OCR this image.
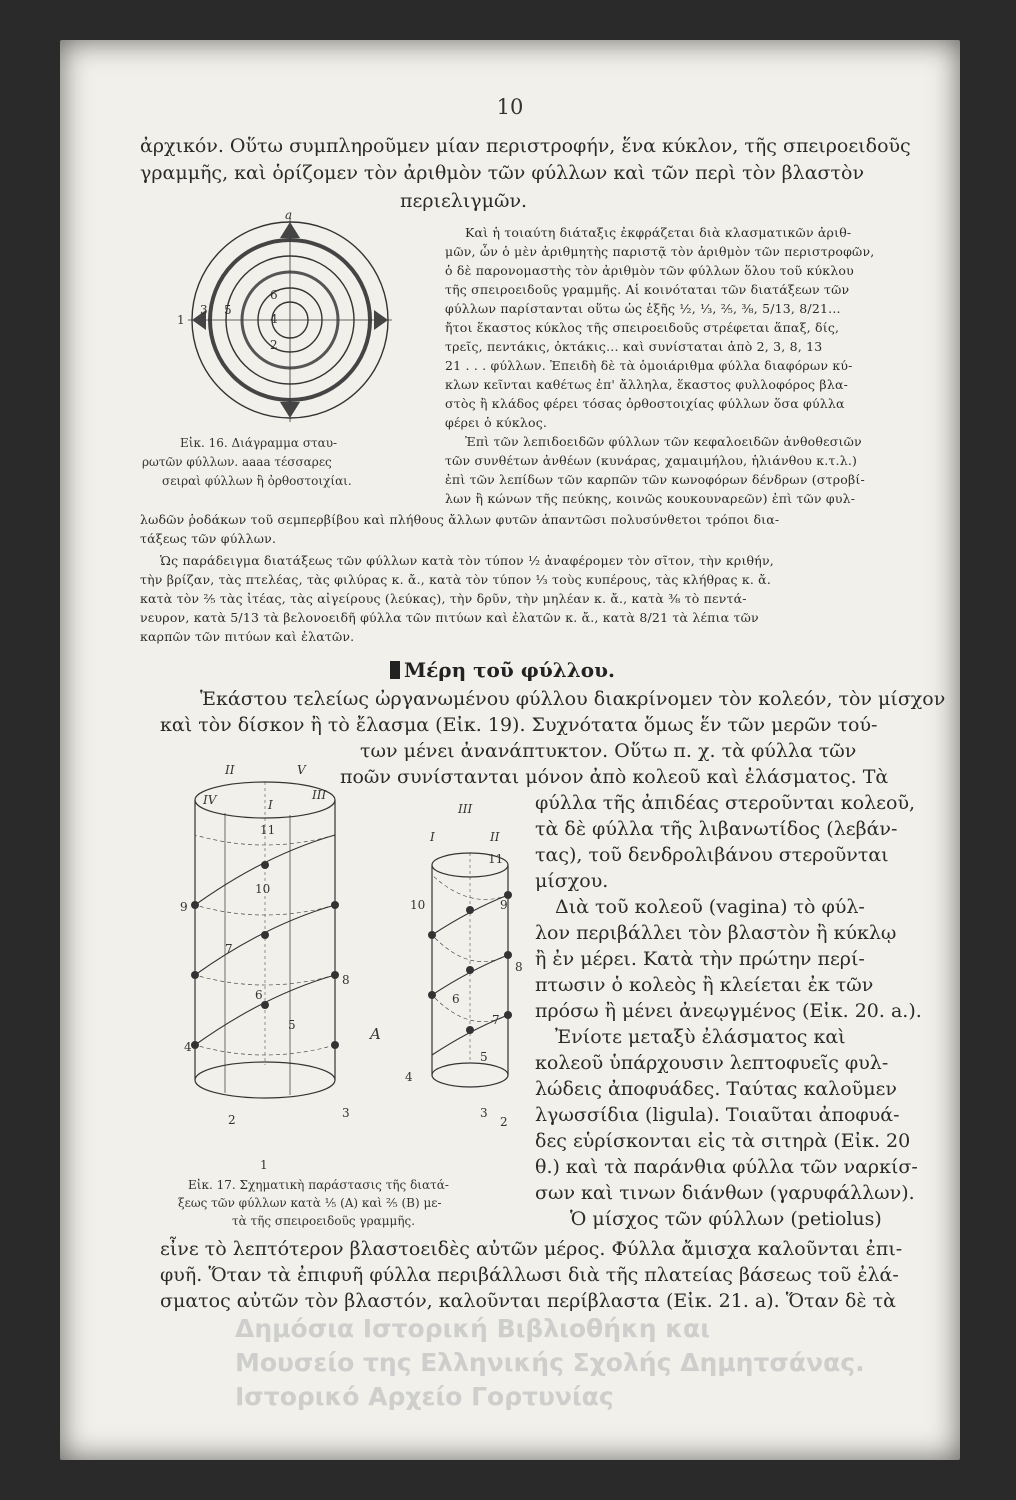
10
ἀρχικόν. Οὕτω συμπληροῦμεν μίαν περιστροφήν, ἕνα κύκλον, τῆς σπειροειδοῦς
γραμμῆς, καὶ ὁρίζομεν τὸν ἀριθμὸν τῶν φύλλων καὶ τῶν περὶ τὸν βλαστὸν
περιελιγμῶν.
a
1
3 5
6
4
2
Καὶ ἡ τοιαύτη διάταξις ἐκφράζεται διὰ κλασματικῶν ἀριθ-
μῶν, ὧν ὁ μὲν ἀριθμητὴς παριστᾷ τὸν ἀριθμὸν τῶν περιστροφῶν,
ὁ δὲ παρονομαστὴς τὸν ἀριθμὸν τῶν φύλλων ὅλου τοῦ κύκλου
τῆς σπειροειδοῦς γραμμῆς. Αἱ κοινόταται τῶν διατάξεων τῶν
φύλλων παρίστανται οὕτω ὡς ἑξῆς ½, ⅓, ⅖, ⅜, 5/13, 8/21...
ἤτοι ἕκαστος κύκλος τῆς σπειροειδοῦς στρέφεται ἅπαξ, δίς,
τρεῖς, πεντάκις, ὀκτάκις... καὶ συνίσταται ἀπὸ 2, 3, 8, 13
21 . . . φύλλων. Ἐπειδὴ δὲ τὰ ὁμοιάριθμα φύλλα διαφόρων κύ-
κλων κεῖνται καθέτως ἐπ' ἄλληλα, ἕκαστος φυλλοφόρος βλα-
στὸς ἢ κλάδος φέρει τόσας ὀρθοστοιχίας φύλλων ὅσα φύλλα
φέρει ὁ κύκλος.
Ἐπὶ τῶν λεπιδοειδῶν φύλλων τῶν κεφαλοειδῶν ἀνθοθεσιῶν
τῶν συνθέτων ἀνθέων (κυνάρας, χαμαιμήλου, ἡλιάνθου κ.τ.λ.)
ἐπὶ τῶν λεπίδων τῶν καρπῶν τῶν κωνοφόρων δένδρων (στροβί-
λων ἢ κώνων τῆς πεύκης, κοινῶς κουκουναρεῶν) ἐπὶ τῶν φυλ-
Εἰκ. 16. Διάγραμμα σταυ-
ρωτῶν φύλλων. aaaa τέσσαρες
σειραὶ φύλλων ἢ ὀρθοστοιχίαι.
λωδῶν ῥοδάκων τοῦ σεμπερβίβου καὶ πλήθους ἄλλων φυτῶν ἀπαντῶσι πολυσύνθετοι τρόποι δια-
τάξεως τῶν φύλλων.
Ὡς παράδειγμα διατάξεως τῶν φύλλων κατὰ τὸν τύπον ½ ἀναφέρομεν τὸν σῖτον, τὴν κριθήν,
τὴν βρίζαν, τὰς πτελέας, τὰς φιλύρας κ. ἄ., κατὰ τὸν τύπον ⅓ τοὺς κυπέρους, τὰς κλήθρας κ. ἄ.
κατὰ τὸν ⅖ τὰς ἰτέας, τὰς αἰγείρους (λεύκας), τὴν δρῦν, τὴν μηλέαν κ. ἄ., κατὰ ⅜ τὸ πεντά-
νευρον, κατὰ 5/13 τὰ βελονοειδῆ φύλλα τῶν πιτύων καὶ ἐλατῶν κ. ἄ., κατὰ 8/21 τὰ λέπια τῶν
καρπῶν τῶν πιτύων καὶ ἐλατῶν.
Μέρη τοῦ φύλλου.
Ἑκάστου τελείως ὠργανωμένου φύλλου διακρίνομεν τὸν κολεόν, τὸν μίσχον
καὶ τὸν δίσκον ἢ τὸ ἔλασμα (Εἰκ. 19). Συχνότατα ὅμως ἕν τῶν μερῶν τού-
II	V
IV	I
III
III
I	II
11
10
9
8
7
6
5
4
3
2
1
11
10	9
8
7
6
5
4
3
2
A
των μένει ἀνανάπτυκτον. Οὕτω π. χ. τὰ φύλλα τῶν
ποῶν συνίστανται μόνον ἀπὸ κολεοῦ καὶ ἐλάσματος. Τὰ
φύλλα τῆς ἀπιδέας στεροῦνται κολεοῦ,
τὰ δὲ φύλλα τῆς λιβανωτίδος (λεβάν-
τας), τοῦ δενδρολιβάνου στεροῦνται
μίσχου.
Διὰ τοῦ κολεοῦ (vagina) τὸ φύλ-
λον περιβάλλει τὸν βλαστὸν ἢ κύκλῳ
ἢ ἐν μέρει. Κατὰ τὴν πρώτην περί-
πτωσιν ὁ κολεὸς ἢ κλείεται ἐκ τῶν
πρόσω ἢ μένει ἀνεῳγμένος (Εἰκ. 20. a.).
Ἐνίοτε μεταξὺ ἐλάσματος καὶ
κολεοῦ ὑπάρχουσιν λεπτοφυεῖς φυλ-
λώδεις ἀποφυάδες. Ταύτας καλοῦμεν
λγωσσίδια (ligula). Τοιαῦται ἀποφυά-
δες εὑρίσκονται εἰς τὰ σιτηρὰ (Εἰκ. 20
θ.) καὶ τὰ παράνθια φύλλα τῶν ναρκίσ-
σων καὶ τινων διάνθων (γαρυφάλλων).
Ὁ μίσχος τῶν φύλλων (petiolus)
Εἰκ. 17. Σχηματικὴ παράστασις τῆς διατά-
ξεως τῶν φύλλων κατὰ ⅕ (A) καὶ ⅖ (B) με-
τὰ τῆς σπειροειδοῦς γραμμῆς.
εἶνε τὸ λεπτότερον βλαστοειδὲς αὐτῶν μέρος. Φύλλα ἄμισχα καλοῦνται ἐπι-
φυῆ. Ὅταν τὰ ἐπιφυῆ φύλλα περιβάλλωσι διὰ τῆς πλατείας βάσεως τοῦ ἐλά-
σματος αὐτῶν τὸν βλαστόν, καλοῦνται περίβλαστα (Εἰκ. 21. a). Ὅταν δὲ τὰ
Δημόσια Ιστορική Βιβλιοθήκη και
Μουσείο της Ελληνικής Σχολής Δημητσάνας.
Ιστορικό Αρχείο Γορτυνίας
